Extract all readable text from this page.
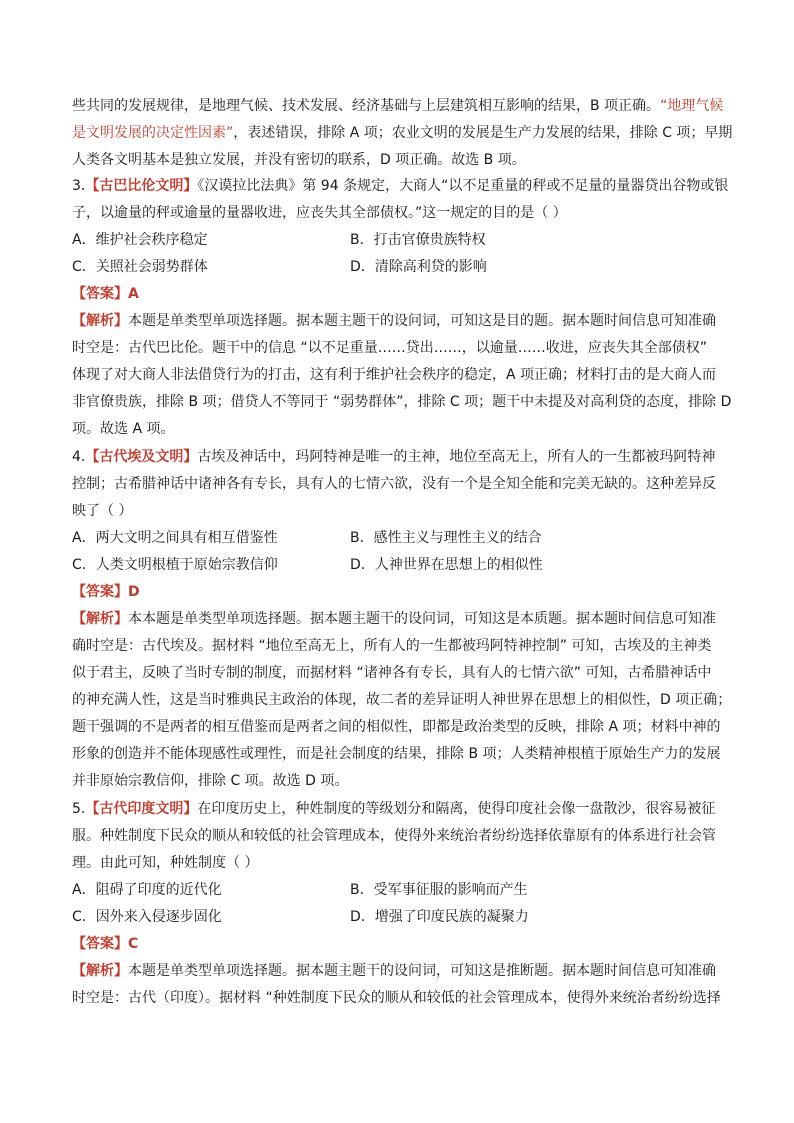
些共同的发展规律，是地理气候、技术发展、经济基础与上层建筑相互影响的结果，B 项正确。“地理气候
是文明发展的决定性因素”，表述错误，排除 A 项；农业文明的发展是生产力发展的结果，排除 C 项；早期
人类各文明基本是独立发展，并没有密切的联系，D 项正确。故选 B 项。
3.【古巴比伦文明】《汉谟拉比法典》第 94 条规定，大商人“以不足重量的秤或不足量的量器贷出谷物或银
子，以逾量的秤或逾量的量器收进，应丧失其全部债权。”这一规定的目的是（ ）
A．维护社会秩序稳定	B．打击官僚贵族特权
C．关照社会弱势群体	D．清除高利贷的影响
【答案】A
【解析】本题是单类型单项选择题。据本题主题干的设问词，可知这是目的题。据本题时间信息可知准确
时空是：古代巴比伦。题干中的信息 “以不足重量……贷出……，以逾量……收进，应丧失其全部债权”
体现了对大商人非法借贷行为的打击，这有利于维护社会秩序的稳定，A 项正确；材料打击的是大商人而
非官僚贵族，排除 B 项；借贷人不等同于 “弱势群体”，排除 C 项；题干中未提及对高利贷的态度，排除 D
项。故选 A 项。
4.【古代埃及文明】古埃及神话中，玛阿特神是唯一的主神，地位至高无上，所有人的一生都被玛阿特神
控制；古希腊神话中诸神各有专长，具有人的七情六欲，没有一个是全知全能和完美无缺的。这种差异反
映了（ ）
A．两大文明之间具有相互借鉴性	B．感性主义与理性主义的结合
C．人类文明根植于原始宗教信仰	D．人神世界在思想上的相似性
【答案】D
【解析】本本题是单类型单项选择题。据本题主题干的设问词，可知这是本质题。据本题时间信息可知准
确时空是：古代埃及。据材料 “地位至高无上，所有人的一生都被玛阿特神控制” 可知，古埃及的主神类
似于君主，反映了当时专制的制度，而据材料 “诸神各有专长，具有人的七情六欲” 可知，古希腊神话中
的神充满人性，这是当时雅典民主政治的体现，故二者的差异证明人神世界在思想上的相似性，D 项正确；
题干强调的不是两者的相互借鉴而是两者之间的相似性，即都是政治类型的反映，排除 A 项；材料中神的
形象的创造并不能体现感性或理性，而是社会制度的结果，排除 B 项；人类精神根植于原始生产力的发展
并非原始宗教信仰，排除 C 项。故选 D 项。
5.【古代印度文明】在印度历史上，种姓制度的等级划分和隔离，使得印度社会像一盘散沙，很容易被征
服。种姓制度下民众的顺从和较低的社会管理成本，使得外来统治者纷纷选择依靠原有的体系进行社会管
理。由此可知，种姓制度（ ）
A．阻碍了印度的近代化	B．受军事征服的影响而产生
C．因外来入侵逐步固化	D．增强了印度民族的凝聚力
【答案】C
【解析】本题是单类型单项选择题。据本题主题干的设问词，可知这是推断题。据本题时间信息可知准确
时空是：古代（印度）。据材料 “种姓制度下民众的顺从和较低的社会管理成本，使得外来统治者纷纷选择
